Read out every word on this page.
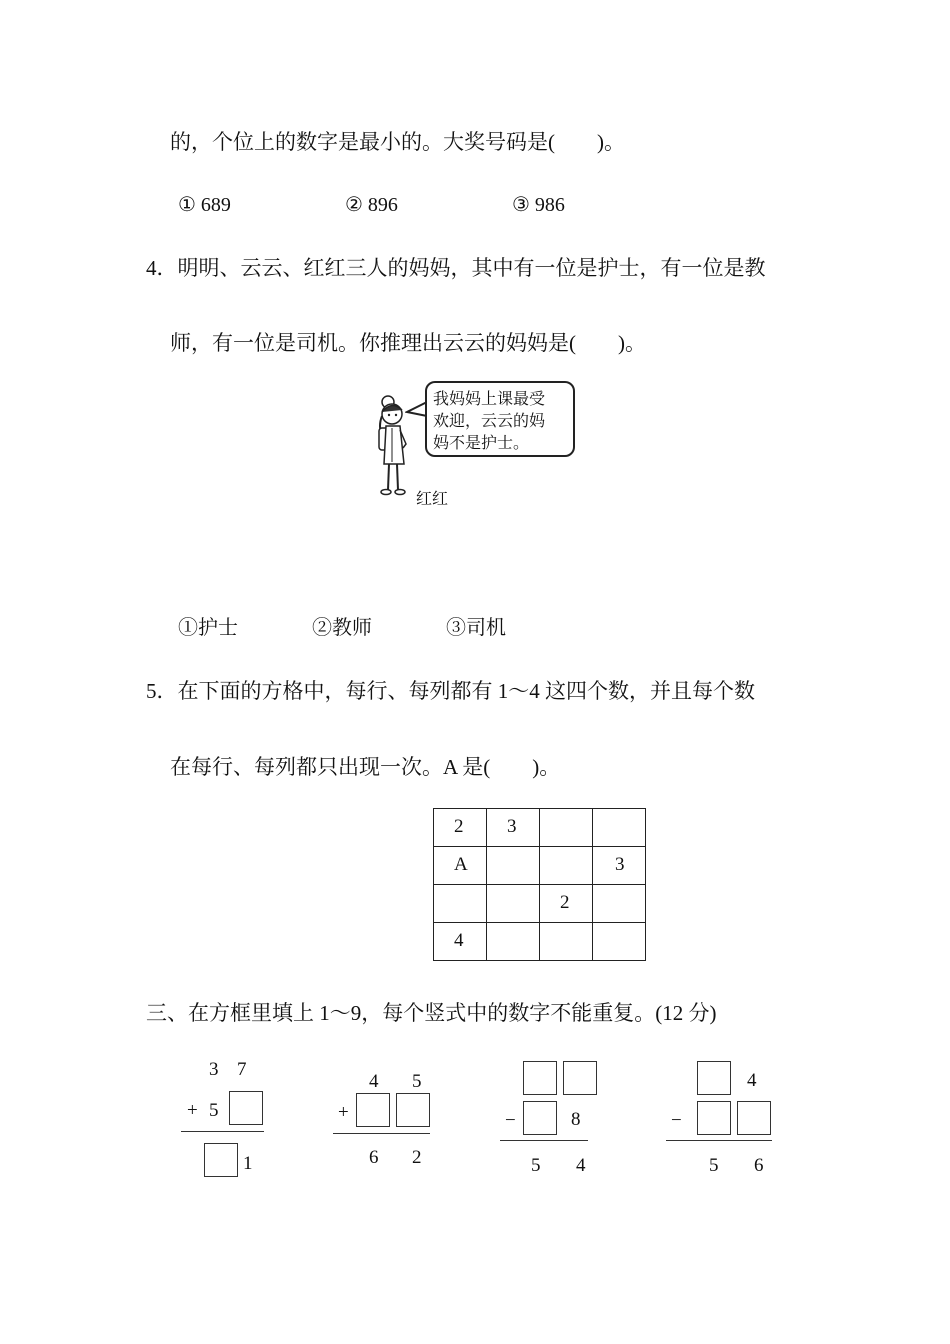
的，个位上的数字是最小的。大奖号码是(　　)。
① 689	② 896	③ 986
4．明明、云云、红红三人的妈妈，其中有一位是护士，有一位是教
师，有一位是司机。你推理出云云的妈妈是(　　)。
我妈妈上课最受
欢迎，云云的妈
妈不是护士。
红红
①护士	②教师	③司机
5．在下面的方格中，每行、每列都有 1～4 这四个数，并且每个数
在每行、每列都只出现一次。A 是(　　)。
2	3		
A			3
		2	
4			
三、在方框里填上 1～9，每个竖式中的数字不能重复。(12 分)
3 7
+ 5
1
4 5
+
6 2
−	8
5 4
4
−
5 6
